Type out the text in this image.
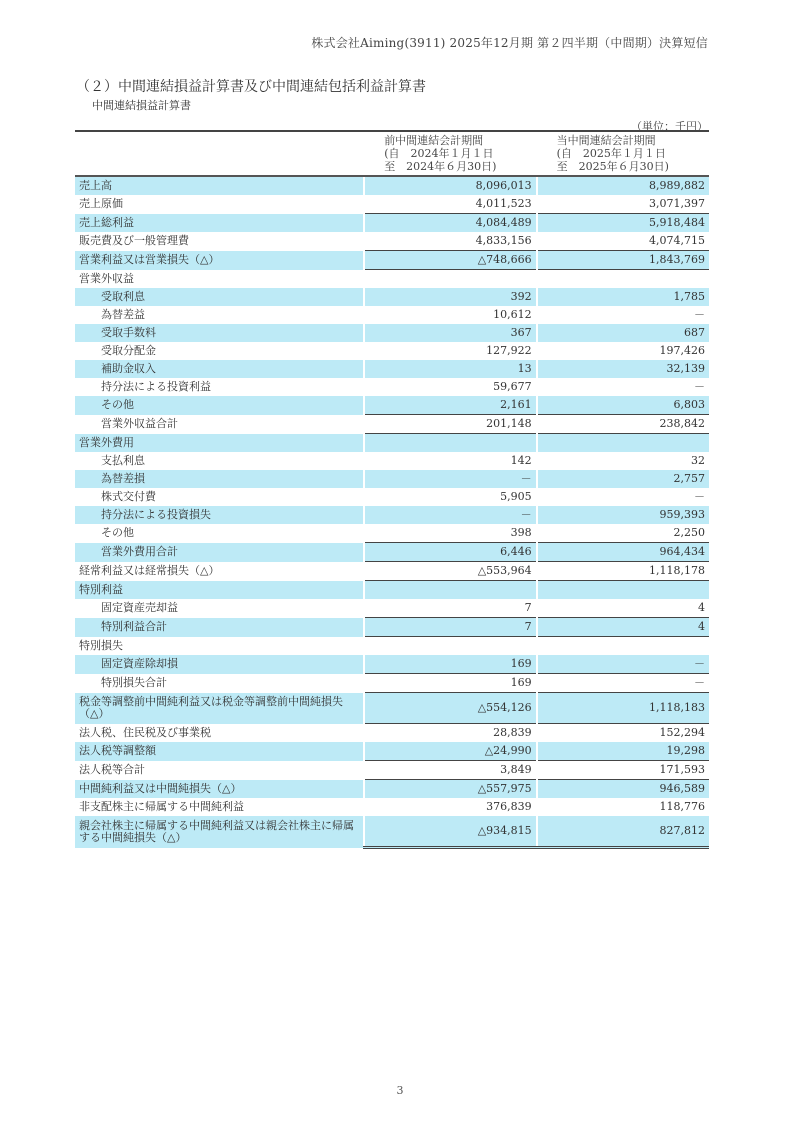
株式会社Aiming(3911) 2025年12月期 第２四半期（中間期）決算短信
（２）中間連結損益計算書及び中間連結包括利益計算書
中間連結損益計算書
（単位：千円）

前中間連結会計期間
(自　2024年１月１日
至　2024年６月30日)

当中間連結会計期間
(自　2025年１月１日
至　2025年６月30日)

売上高	8,096,013	8,989,882
売上原価	4,011,523	3,071,397
売上総利益	4,084,489	5,918,484
販売費及び一般管理費	4,833,156	4,074,715
営業利益又は営業損失（△）	△748,666	1,843,769
営業外収益		
受取利息	392	1,785
為替差益	10,612	－
受取手数料	367	687
受取分配金	127,922	197,426
補助金収入	13	32,139
持分法による投資利益	59,677	－
その他	2,161	6,803
営業外収益合計	201,148	238,842
営業外費用		
支払利息	142	32
為替差損	－	2,757
株式交付費	5,905	－
持分法による投資損失	－	959,393
その他	398	2,250
営業外費用合計	6,446	964,434
経常利益又は経常損失（△）	△553,964	1,118,178
特別利益		
固定資産売却益	7	4
特別利益合計	7	4
特別損失		
固定資産除却損	169	－
特別損失合計	169	－
税金等調整前中間純利益又は税金等調整前中間純損失（△）	△554,126	1,118,183
法人税、住民税及び事業税	28,839	152,294
法人税等調整額	△24,990	19,298
法人税等合計	3,849	171,593
中間純利益又は中間純損失（△）	△557,975	946,589
非支配株主に帰属する中間純利益	376,839	118,776
親会社株主に帰属する中間純利益又は親会社株主に帰属する中間純損失（△）	△934,815	827,812
3
